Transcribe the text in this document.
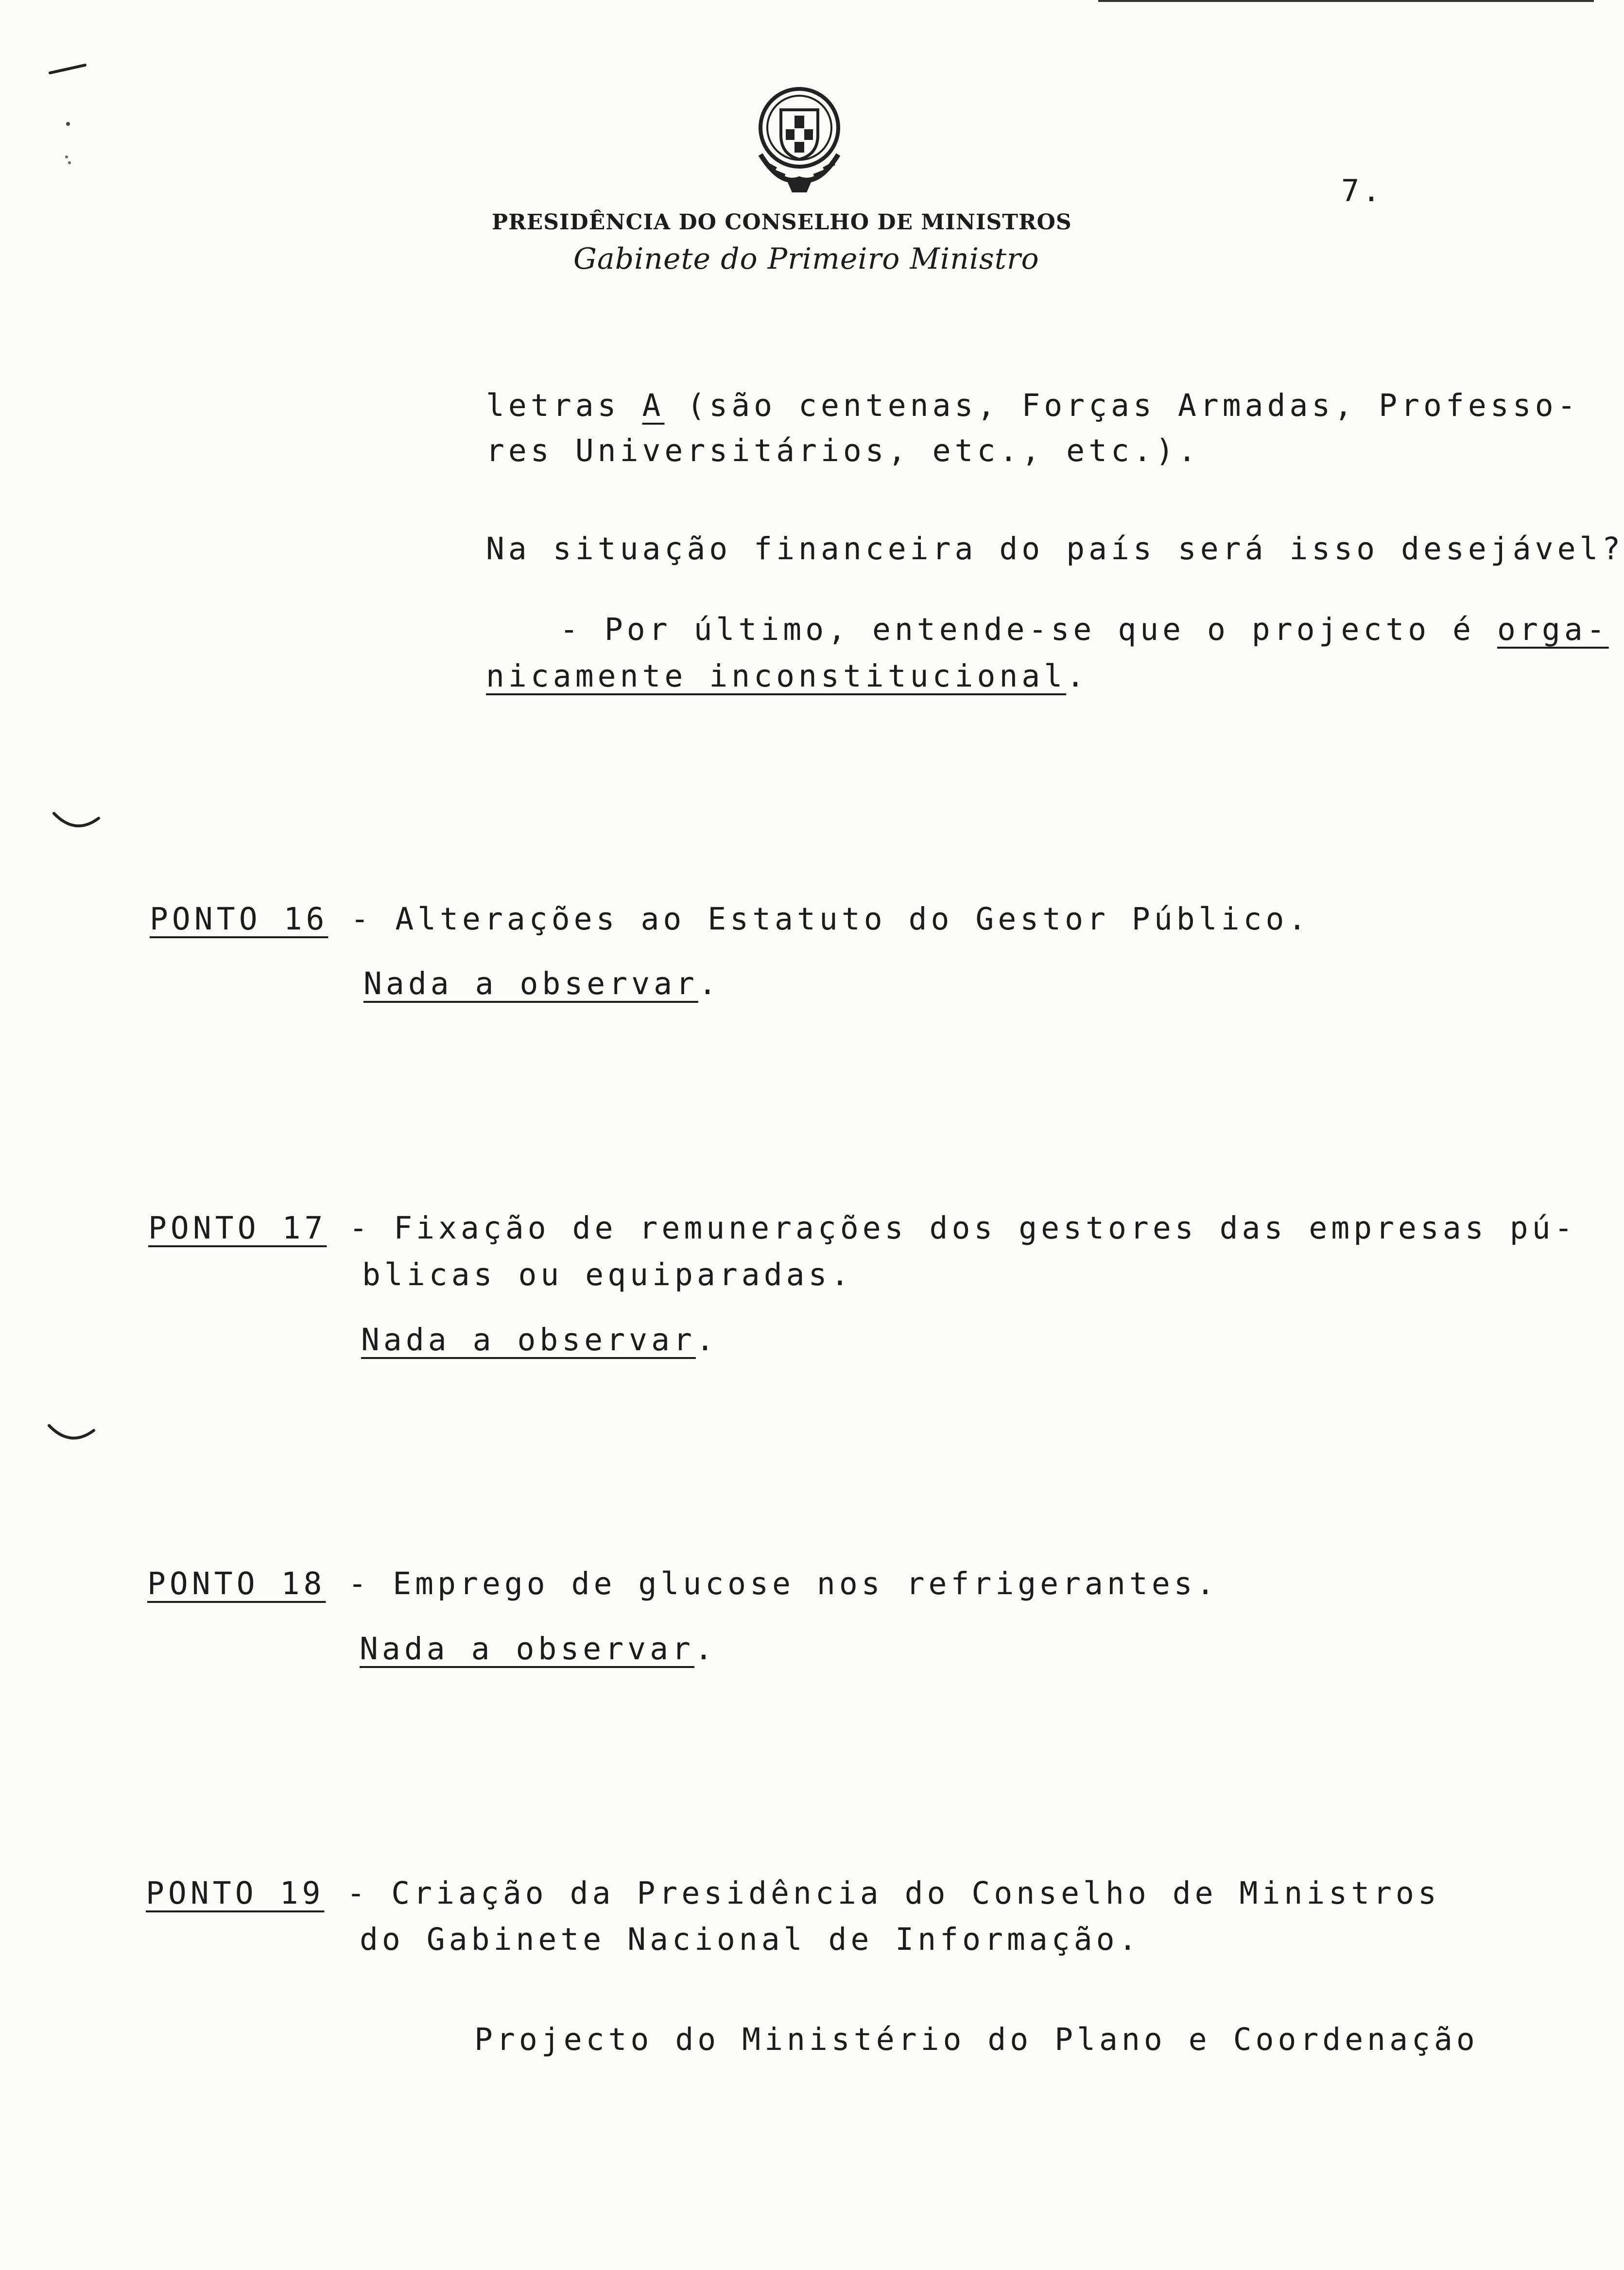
7.
PRESIDÊNCIA DO CONSELHO DE MINISTROS
Gabinete do Primeiro Ministro
letras A (são centenas, Forças Armadas, Professo-
res Universitários, etc., etc.).
Na situação financeira do país será isso desejável?
- Por último, entende-se que o projecto é orga-
nicamente inconstitucional.
PONTO 16 - Alterações ao Estatuto do Gestor Público.
Nada a observar.
PONTO 17 - Fixação de remunerações dos gestores das empresas pú-
blicas ou equiparadas.
Nada a observar.
PONTO 18 - Emprego de glucose nos refrigerantes.
Nada a observar.
PONTO 19 - Criação da Presidência do Conselho de Ministros
do Gabinete Nacional de Informação.
Projecto do Ministério do Plano e Coordenação
